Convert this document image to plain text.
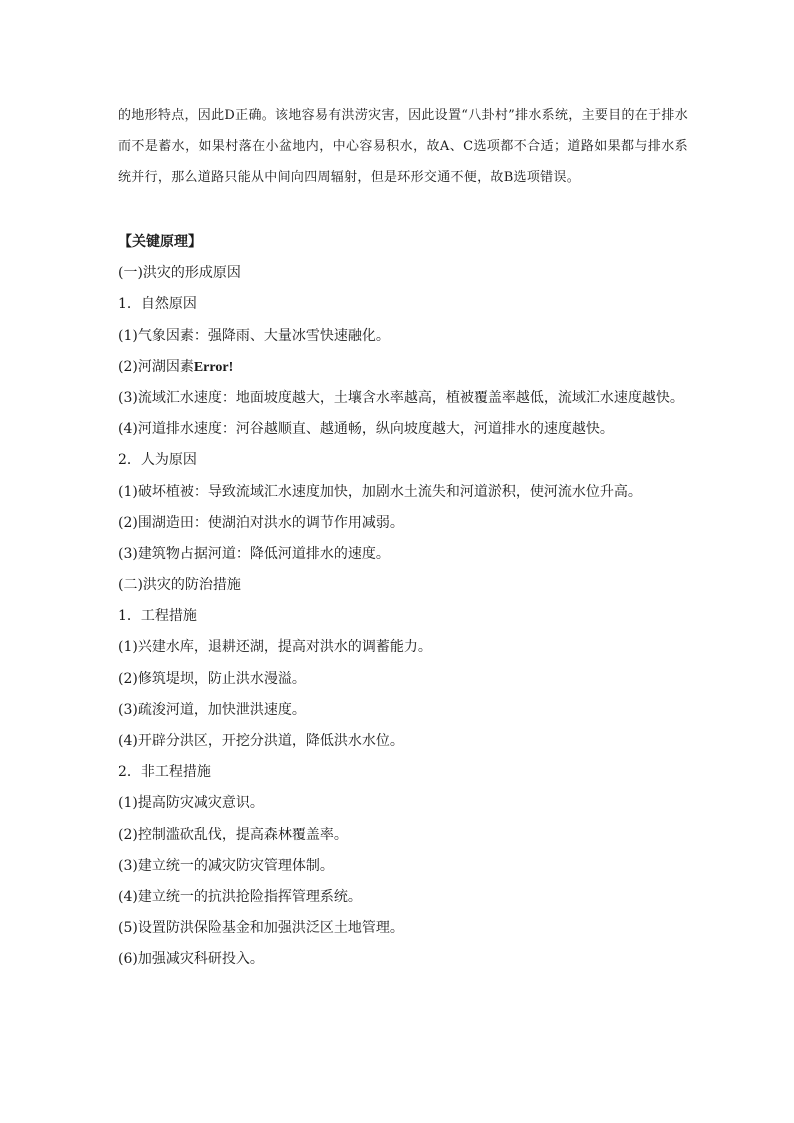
的地形特点，因此D正确。该地容易有洪涝灾害，因此设置“八卦村”排水系统，主要目的在于排水而不是蓄水，如果村落在小盆地内，中心容易积水，故A、C选项都不合适；道路如果都与排水系统并行，那么道路只能从中间向四周辐射，但是环形交通不便，故B选项错误。

【关键原理】
(一)洪灾的形成原因
1．自然原因
(1)气象因素：强降雨、大量冰雪快速融化。
(2)河湖因素Error!
(3)流域汇水速度：地面坡度越大，土壤含水率越高，植被覆盖率越低，流域汇水速度越快。
(4)河道排水速度：河谷越顺直、越通畅，纵向坡度越大，河道排水的速度越快。
2．人为原因
(1)破坏植被：导致流域汇水速度加快，加剧水土流失和河道淤积，使河流水位升高。
(2)围湖造田：使湖泊对洪水的调节作用减弱。
(3)建筑物占据河道：降低河道排水的速度。
(二)洪灾的防治措施
1．工程措施
(1)兴建水库，退耕还湖，提高对洪水的调蓄能力。
(2)修筑堤坝，防止洪水漫溢。
(3)疏浚河道，加快泄洪速度。
(4)开辟分洪区，开挖分洪道，降低洪水水位。
2．非工程措施
(1)提高防灾减灾意识。
(2)控制滥砍乱伐，提高森林覆盖率。
(3)建立统一的减灾防灾管理体制。
(4)建立统一的抗洪抢险指挥管理系统。
(5)设置防洪保险基金和加强洪泛区土地管理。
(6)加强减灾科研投入。
